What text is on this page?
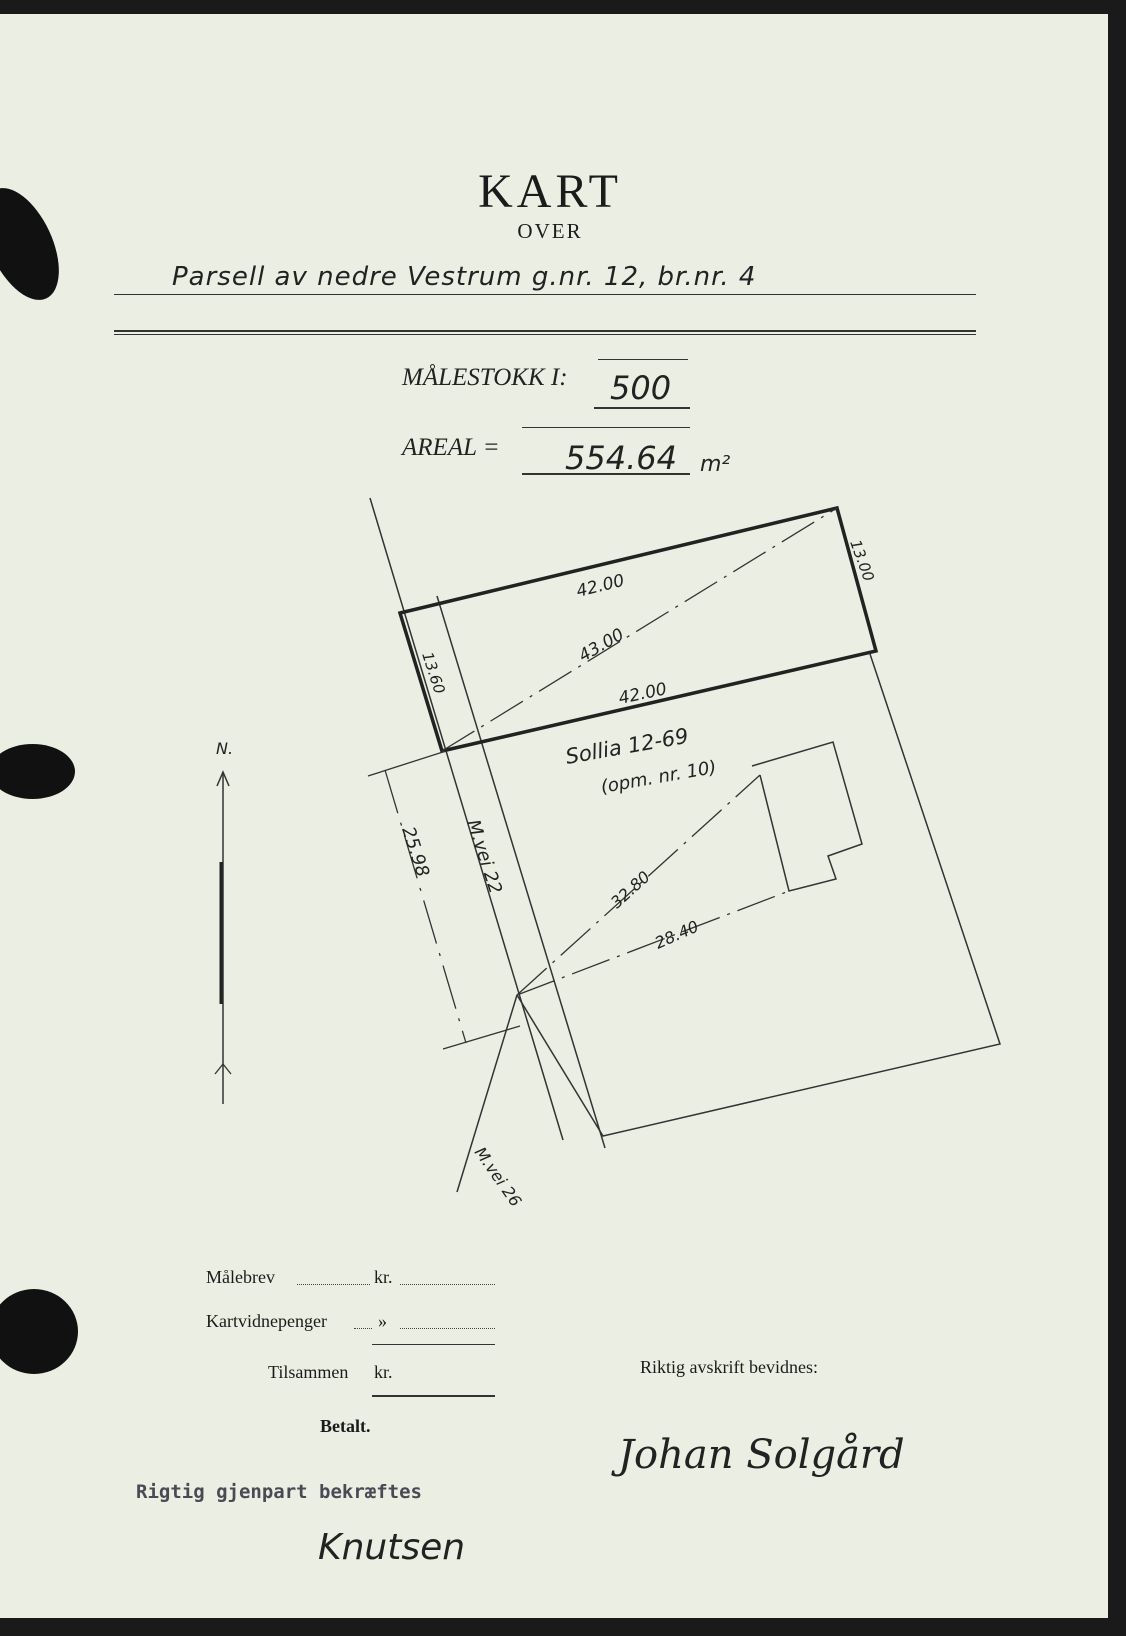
KART
OVER
Parsell av nedre Vestrum g.nr. 12, br.nr. 4
MÅLESTOKK I: 500
AREAL = 554.64 m²
42.00
43.00
42.00
13.00
13.60
25.98
32.80
28.40
Sollia 12-69
(opm. nr. 10)
M.vei 22
M.vei 26
N.
Målebrev	kr.
Kartvidnepenger	»
Tilsammen kr.
Betalt.
Riktig avskrift bevidnes:
Johan Solgård
Rigtig gjenpart bekræftes
Knutsen
